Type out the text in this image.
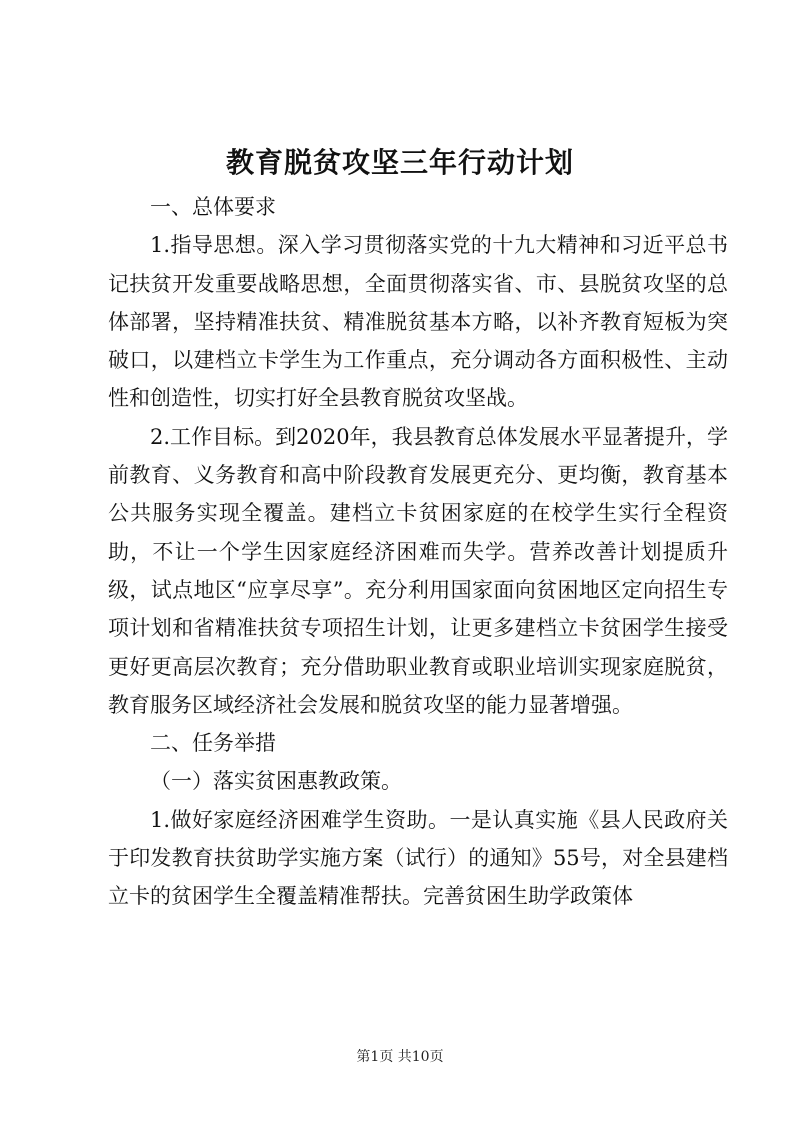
教育脱贫攻坚三年行动计划

一、总体要求

1.指导思想。深入学习贯彻落实党的十九大精神和习近平总书记扶贫开发重要战略思想，全面贯彻落实省、市、县脱贫攻坚的总体部署，坚持精准扶贫、精准脱贫基本方略，以补齐教育短板为突破口，以建档立卡学生为工作重点，充分调动各方面积极性、主动性和创造性，切实打好全县教育脱贫攻坚战。

2.工作目标。到2020年，我县教育总体发展水平显著提升，学前教育、义务教育和高中阶段教育发展更充分、更均衡，教育基本公共服务实现全覆盖。建档立卡贫困家庭的在校学生实行全程资助，不让一个学生因家庭经济困难而失学。营养改善计划提质升级，试点地区“应享尽享”。充分利用国家面向贫困地区定向招生专项计划和省精准扶贫专项招生计划，让更多建档立卡贫困学生接受更好更高层次教育；充分借助职业教育或职业培训实现家庭脱贫，教育服务区域经济社会发展和脱贫攻坚的能力显著增强。

二、任务举措

（一）落实贫困惠教政策。

1.做好家庭经济困难学生资助。一是认真实施《县人民政府关于印发教育扶贫助学实施方案（试行）的通知》55号，对全县建档立卡的贫困学生全覆盖精准帮扶。完善贫困生助学政策体

第1页 共10页
